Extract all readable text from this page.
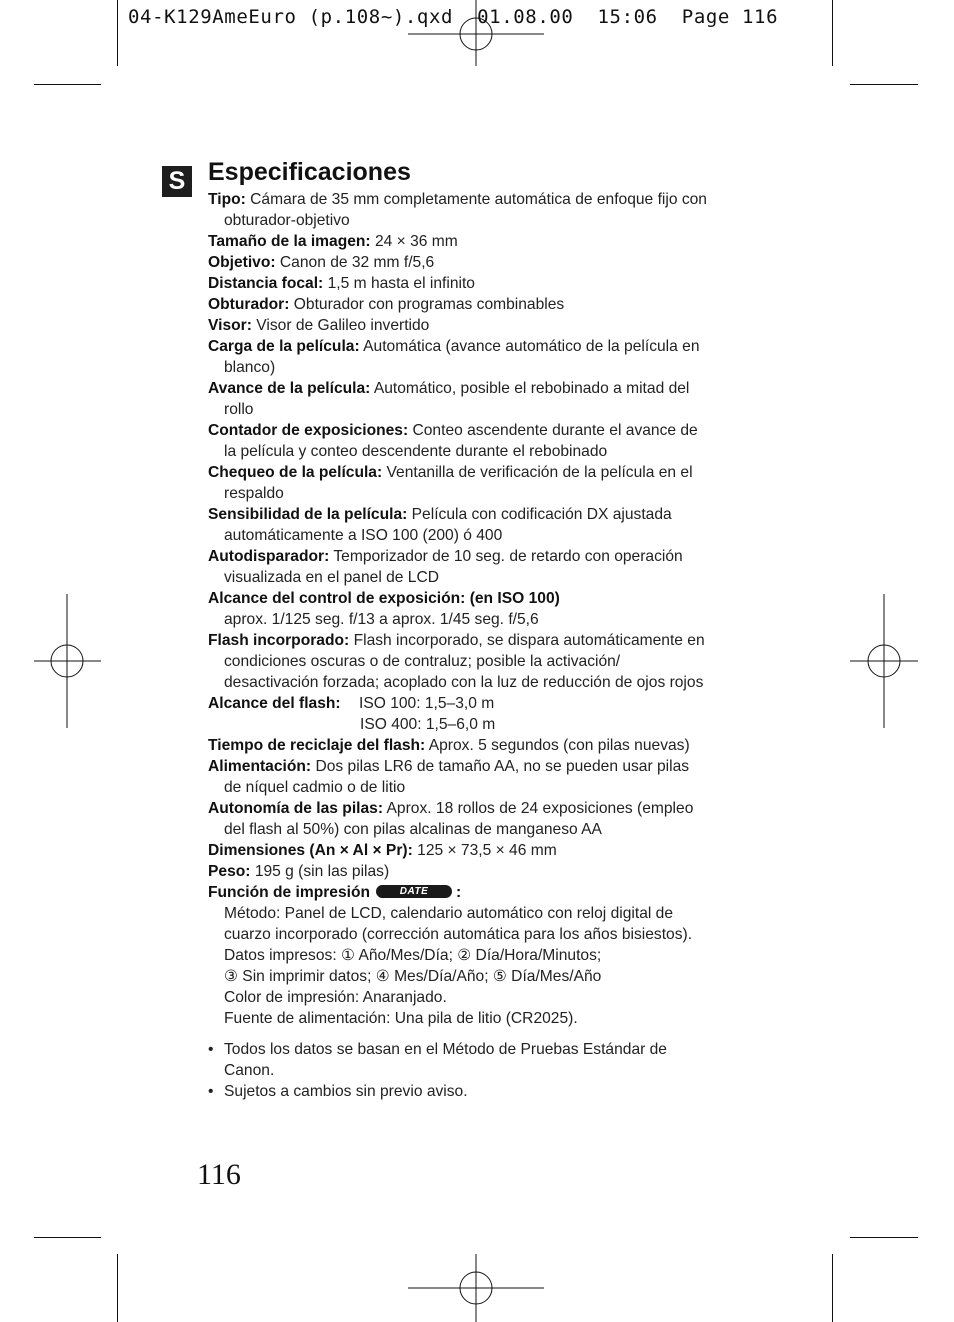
04-K129AmeEuro (p.108~).qxd  01.08.00  15:06  Page 116
S Especificaciones
Tipo: Cámara de 35 mm completamente automática de enfoque fijo con
obturador-objetivo
Tamaño de la imagen: 24 × 36 mm
Objetivo: Canon de 32 mm f/5,6
Distancia focal: 1,5 m hasta el infinito
Obturador: Obturador con programas combinables
Visor: Visor de Galileo invertido
Carga de la película: Automática (avance automático de la película en
blanco)
Avance de la película: Automático, posible el rebobinado a mitad del
rollo
Contador de exposiciones: Conteo ascendente durante el avance de
la película y conteo descendente durante el rebobinado
Chequeo de la película: Ventanilla de verificación de la película en el
respaldo
Sensibilidad de la película: Película con codificación DX ajustada
automáticamente a ISO 100 (200) ó 400
Autodisparador: Temporizador de 10 seg. de retardo con operación
visualizada en el panel de LCD
Alcance del control de exposición: (en ISO 100)
aprox. 1/125 seg. f/13 a aprox. 1/45 seg. f/5,6
Flash incorporado: Flash incorporado, se dispara automáticamente en
condiciones oscuras o de contraluz; posible la activación/
desactivación forzada; acoplado con la luz de reducción de ojos rojos
Alcance del flash: ISO 100: 1,5–3,0 m
ISO 400: 1,5–6,0 m
Tiempo de reciclaje del flash: Aprox. 5 segundos (con pilas nuevas)
Alimentación: Dos pilas LR6 de tamaño AA, no se pueden usar pilas
de níquel cadmio o de litio
Autonomía de las pilas: Aprox. 18 rollos de 24 exposiciones (empleo
del flash al 50%) con pilas alcalinas de manganeso AA
Dimensiones (An × Al × Pr): 125 × 73,5 × 46 mm
Peso: 195 g (sin las pilas)
Función de impresión	DATE :
Método: Panel de LCD, calendario automático con reloj digital de
cuarzo incorporado (corrección automática para los años bisiestos).
Datos impresos: ① Año/Mes/Día; ② Día/Hora/Minutos;
③ Sin imprimir datos; ④ Mes/Día/Año; ⑤ Día/Mes/Año
Color de impresión: Anaranjado.
Fuente de alimentación: Una pila de litio (CR2025).
• Todos los datos se basan en el Método de Pruebas Estándar de
Canon.
• Sujetos a cambios sin previo aviso.
116
